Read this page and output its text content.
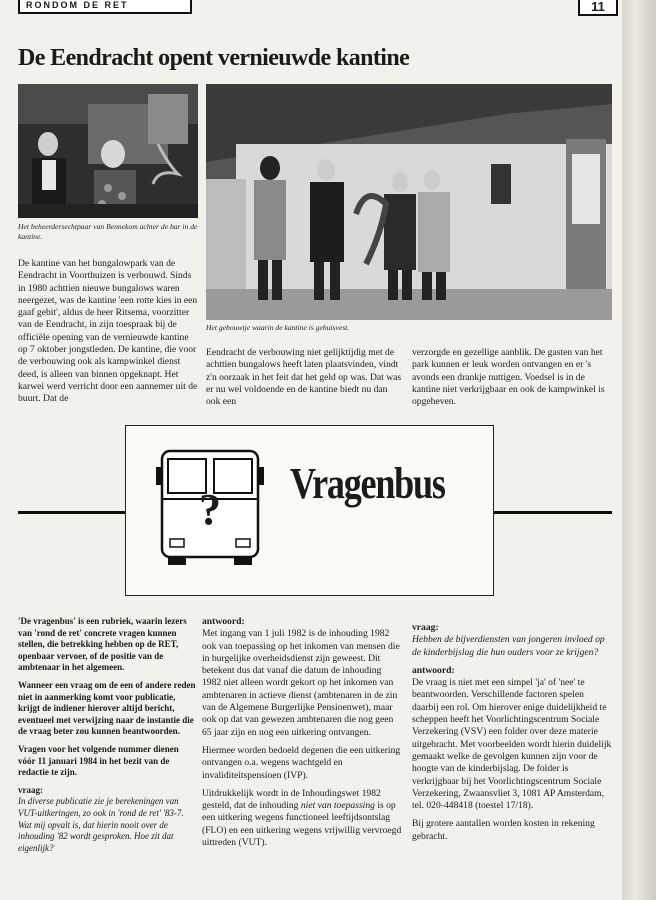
RONDOM DE RET	11
De Eendracht opent vernieuwde kantine
Het beheerdersechtpaar van Bennekom achter de bar in de kantine.
Het gebouwtje waarin de kantine is gehuisvest.

De kantine van het bungalowpark van de Eendracht in Voorthuizen is verbouwd. Sinds in 1980 achttien nieuwe bungalows waren neergezet, was de kantine 'een rotte kies in een gaaf gebit', aldus de heer Ritsema, voorzitter van de Eendracht, in zijn toespraak bij de officiële opening van de vernieuwde kantine op 7 oktober jongstleden. De kantine, die voor de verbouwing ook als kampwinkel dienst deed, is alleen van binnen opgeknapt. Het karwei werd verricht door een aannemer uit de buurt. Dat de

Eendracht de verbouwing niet gelijktijdig met de achttien bungalows heeft laten plaatsvinden, vindt z'n oorzaak in het feit dat het geld op was. Dat was er nu wel voldoende en de kantine biedt nu dan ook een

verzorgde en gezellige aanblik. De gasten van het park kunnen er leuk worden ontvangen en er 's avonds een drankje nuttigen. Voedsel is in de kantine niet verkrijgbaar en ook de kampwinkel is opgeheven.

?
Vragenbus

'De vragenbus' is een rubriek, waarin lezers van 'rond de ret' concrete vragen kunnen stellen, die betrekking hebben op de RET, openbaar vervoer, of de positie van de ambtenaar in het algemeen.

Wanneer een vraag om de een of andere reden niet in aanmerking komt voor publicatie, krijgt de indiener hierover altijd bericht, eventueel met verwijzing naar de instantie die de vraag beter zou kunnen beantwoorden.

Vragen voor het volgende nummer dienen vóór 11 januari 1984 in het bezit van de redactie te zijn.

vraag:

In diverse publicatie zie je berekeningen van VUT-uitkeringen, zo ook in 'rond de ret' '83-7. Wat mij opvalt is, dat hierin nooit over de inhouding '82 wordt gesproken. Hoe zit dat eigenlijk?

antwoord:

Met ingang van 1 juli 1982 is de inhouding 1982 ook van toepassing op het inkomen van mensen die in burgelijke overheidsdienst zijn geweest. Dit betekent dus dat vanaf die datum de inhouding 1982 niet alleen wordt gekort op het inkomen van ambtenaren in actieve dienst (ambtenaren in de zin van de Algemene Burgerlijke Pensioenwet), maar ook op dat van gewezen ambtenaren die nog geen 65 jaar zijn en nog een uitkering ontvangen.

Hiermee worden bedoeld degenen die een uitkering ontvangen o.a. wegens wachtgeld en invaliditeitspensioen (IVP).

Uitdrukkelijk wordt in de Inhoudingswet 1982 gesteld, dat de inhouding niet van toepassing is op een uitkering wegens functioneel leeftijdsontslag (FLO) en een uitkering wegens vrijwillig vervroegd uittreden (VUT).

vraag:

Hebben de bijverdiensten van jongeren invloed op de kinderbijslag die hun ouders voor ze krijgen?

antwoord:

De vraag is niet met een simpel 'ja' of 'nee' te beantwoorden. Verschillende factoren spelen daarbij een rol. Om hierover enige duidelijkheid te scheppen heeft het Voorlichtingscentrum Sociale Verzekering (VSV) een folder over deze materie uitgebracht. Met voorbeelden wordt hierin duidelijk gemaakt welke de gevolgen kunnen zijn voor de hoogte van de kinderbijslag. De folder is verkrijgbaar bij het Voorlichtingscentrum Sociale Verzekering, Zwaansvliet 3, 1081 AP Amsterdam, tel. 020-448418 (toestel 17/18).

Bij grotere aantallen worden kosten in rekening gebracht.
